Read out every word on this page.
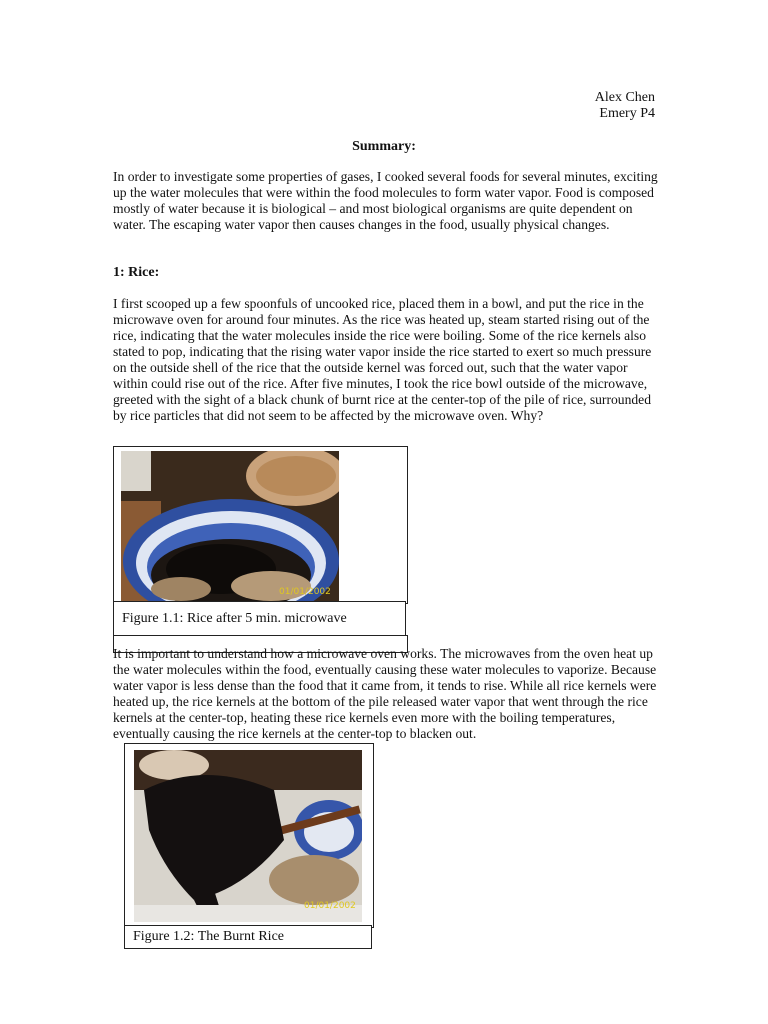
Alex Chen
Emery P4
Summary:

In order to investigate some properties of gases, I cooked several foods for several minutes, exciting up the water molecules that were within the food molecules to form water vapor. Food is composed mostly of water because it is biological – and most biological organisms are quite dependent on water. The escaping water vapor then causes changes in the food, usually physical changes.

1: Rice:

I first scooped up a few spoonfuls of uncooked rice, placed them in a bowl, and put the rice in the microwave oven for around four minutes. As the rice was heated up, steam started rising out of the rice, indicating that the water molecules inside the rice were boiling. Some of the rice kernels also stated to pop, indicating that the rising water vapor inside the rice started to exert so much pressure on the outside shell of the rice that the outside kernel was forced out, such that the water vapor within could rise out of the rice. After five minutes, I took the rice bowl outside of the microwave, greeted with the sight of a black chunk of burnt rice at the center-top of the pile of rice, surrounded by rice particles that did not seem to be affected by the microwave oven. Why?

01/01/2002
Figure 1.1: Rice after 5 min. microwave

It is important to understand how a microwave oven works. The microwaves from the oven heat up the water molecules within the food, eventually causing these water molecules to vaporize. Because water vapor is less dense than the food that it came from, it tends to rise. While all rice kernels were heated up, the rice kernels at the bottom of the pile released water vapor that went through the rice kernels at the center-top, heating these rice kernels even more with the boiling temperatures, eventually causing the rice kernels at the center-top to blacken out.

01/01/2002
Figure 1.2: The Burnt Rice
